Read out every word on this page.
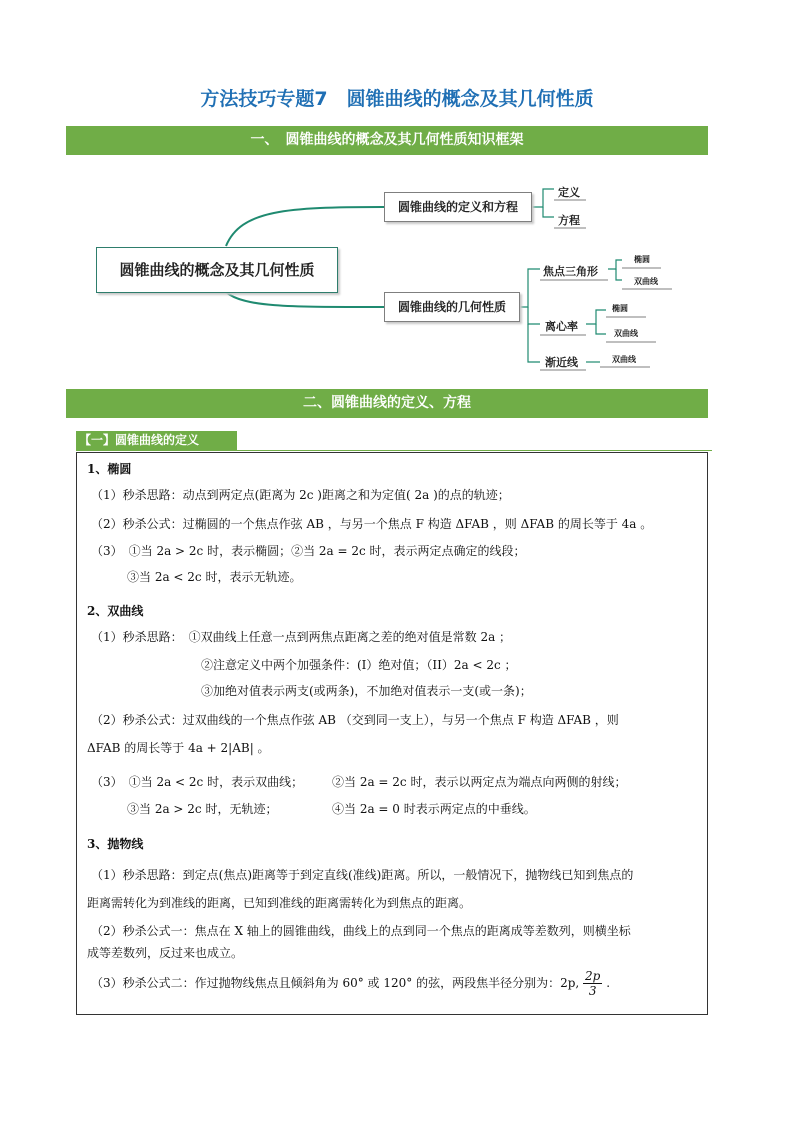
方法技巧专题7　圆锥曲线的概念及其几何性质
一、　圆锥曲线的概念及其几何性质知识框架
圆锥曲线的概念及其几何性质
圆锥曲线的定义和方程
圆锥曲线的几何性质
定义
方程
焦点三角形
离心率
渐近线
椭圆
双曲线
椭圆
双曲线
双曲线
二、圆锥曲线的定义、方程
【一】圆锥曲线的定义
1、椭圆
（1）秒杀思路：动点到两定点(距离为 2c )距离之和为定值( 2a )的点的轨迹；
（2）秒杀公式：过椭圆的一个焦点作弦 AB ，与另一个焦点 F 构造 ΔFAB ，则 ΔFAB 的周长等于 4a 。
（3）　①当 2a > 2c 时，表示椭圆；②当 2a = 2c 时，表示两定点确定的线段；
③当 2a < 2c 时，表示无轨迹。
2、双曲线
（1）秒杀思路：　①双曲线上任意一点到两焦点距离之差的绝对值是常数 2a ；
②注意定义中两个加强条件：(I）绝对值；（II）2a < 2c ；
③加绝对值表示两支(或两条)，不加绝对值表示一支(或一条)；
（2）秒杀公式：过双曲线的一个焦点作弦 AB （交到同一支上），与另一个焦点 F 构造 ΔFAB ，则
ΔFAB 的周长等于 4a + 2|AB| 。
（3）　①当 2a < 2c 时，表示双曲线； ②当 2a = 2c 时，表示以两定点为端点向两侧的射线；
③当 2a > 2c 时，无轨迹；	④当 2a = 0 时表示两定点的中垂线。
3、抛物线
（1）秒杀思路：到定点(焦点)距离等于到定直线(准线)距离。所以，一般情况下，抛物线已知到焦点的
距离需转化为到准线的距离，已知到准线的距离需转化为到焦点的距离。
（2）秒杀公式一：焦点在 X 轴上的圆锥曲线，曲线上的点到同一个焦点的距离成等差数列，则横坐标
成等差数列，反过来也成立。
（3）秒杀公式二：作过抛物线焦点且倾斜角为 60° 或 120° 的弦，两段焦半径分别为：2p, $\frac{2p}{3}$ .
